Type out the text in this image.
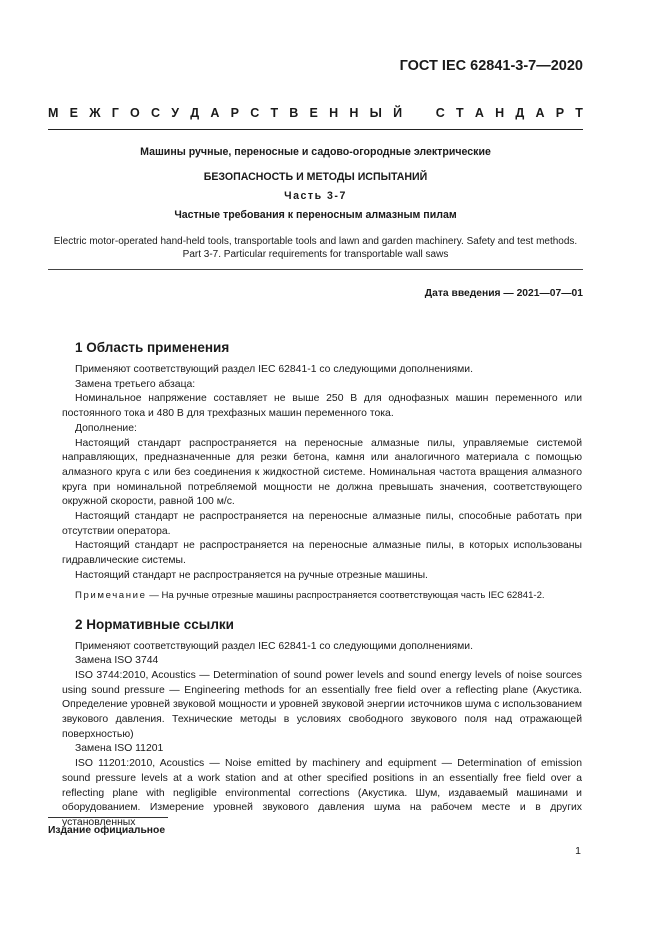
ГОСТ IEC 62841-3-7—2020
М Е Ж Г О С У Д А Р С Т В Е Н Н Ы Й	С Т А Н Д А Р Т
Машины ручные, переносные и садово-огородные электрические
БЕЗОПАСНОСТЬ И МЕТОДЫ ИСПЫТАНИЙ
Часть 3-7
Частные требования к переносным алмазным пилам
Electric motor-operated hand-held tools, transportable tools and lawn and garden machinery. Safety and test methods. Part 3-7. Particular requirements for transportable wall saws
Дата введения — 2021—07—01
1 Область применения

Применяют соответствующий раздел IEC 62841-1 со следующими дополнениями.

Замена третьего абзаца:

Номинальное напряжение составляет не выше 250 В для однофазных машин переменного или постоянного тока и 480 В для трехфазных машин переменного тока.

Дополнение:

Настоящий стандарт распространяется на переносные алмазные пилы, управляемые системой направляющих, предназначенные для резки бетона, камня или аналогичного материала с помощью алмазного круга с или без соединения к жидкостной системе. Номинальная частота вращения алмазного круга при номинальной потребляемой мощности не должна превышать значения, соответствующего окружной скорости, равной 100 м/с.

Настоящий стандарт не распространяется на переносные алмазные пилы, способные работать при отсутствии оператора.

Настоящий стандарт не распространяется на переносные алмазные пилы, в которых использованы гидравлические системы.

Настоящий стандарт не распространяется на ручные отрезные машины.

Примечание — На ручные отрезные машины распространяется соответствующая часть IEC 62841-2.

2 Нормативные ссылки

Применяют соответствующий раздел IEC 62841-1 со следующими дополнениями.

Замена ISO 3744

ISO 3744:2010, Acoustics — Determination of sound power levels and sound energy levels of noise sources using sound pressure — Engineering methods for an essentially free field over a reflecting plane (Акустика. Определение уровней звуковой мощности и уровней звуковой энергии источников шума с использованием звукового давления. Технические методы в условиях свободного звукового поля над отражающей поверхностью)

Замена ISO 11201

ISO 11201:2010, Acoustics — Noise emitted by machinery and equipment — Determination of emission sound pressure levels at a work station and at other specified positions in an essentially free field over a reflecting plane with negligible environmental corrections (Акустика. Шум, издаваемый машинами и оборудованием. Измерение уровней звукового давления шума на рабочем месте и в других установленных

Издание официальное
1
